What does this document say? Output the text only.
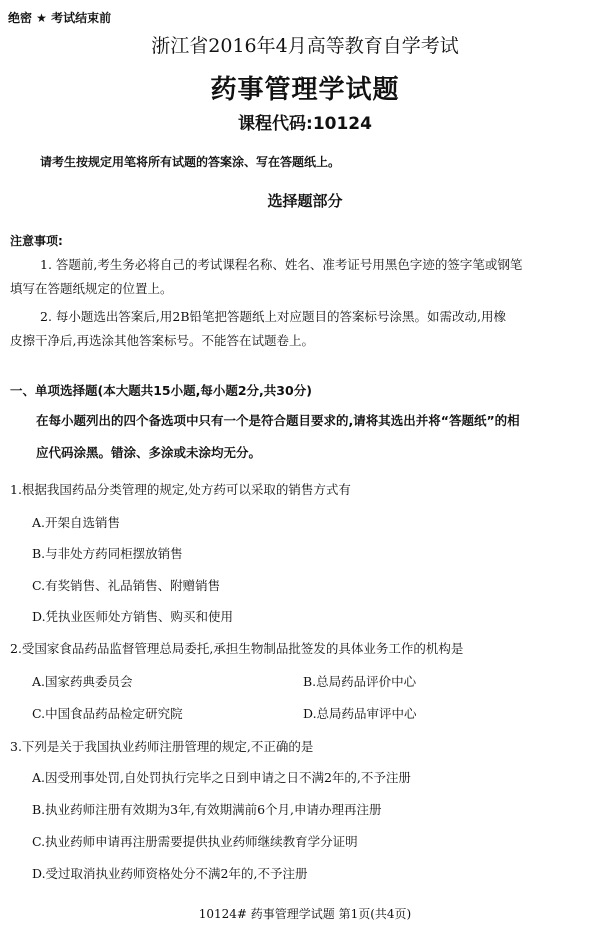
绝密 ★ 考试结束前
浙江省2016年4月高等教育自学考试
药事管理学试题
课程代码:10124
请考生按规定用笔将所有试题的答案涂、写在答题纸上。
选择题部分
注意事项:
1. 答题前,考生务必将自己的考试课程名称、姓名、准考证号用黑色字迹的签字笔或钢笔
填写在答题纸规定的位置上。
2. 每小题选出答案后,用2B铅笔把答题纸上对应题目的答案标号涂黑。如需改动,用橡
皮擦干净后,再选涂其他答案标号。不能答在试题卷上。
一、单项选择题(本大题共15小题,每小题2分,共30分)
在每小题列出的四个备选项中只有一个是符合题目要求的,请将其选出并将“答题纸”的相
应代码涂黑。错涂、多涂或未涂均无分。
1.根据我国药品分类管理的规定,处方药可以采取的销售方式有
A.开架自选销售
B.与非处方药同柜摆放销售
C.有奖销售、礼品销售、附赠销售
D.凭执业医师处方销售、购买和使用
2.受国家食品药品监督管理总局委托,承担生物制品批签发的具体业务工作的机构是
A.国家药典委员会	B.总局药品评价中心
C.中国食品药品检定研究院	D.总局药品审评中心
3.下列是关于我国执业药师注册管理的规定,不正确的是
A.因受刑事处罚,自处罚执行完毕之日到申请之日不满2年的,不予注册
B.执业药师注册有效期为3年,有效期满前6个月,申请办理再注册
C.执业药师申请再注册需要提供执业药师继续教育学分证明
D.受过取消执业药师资格处分不满2年的,不予注册
10124# 药事管理学试题 第1页(共4页)
